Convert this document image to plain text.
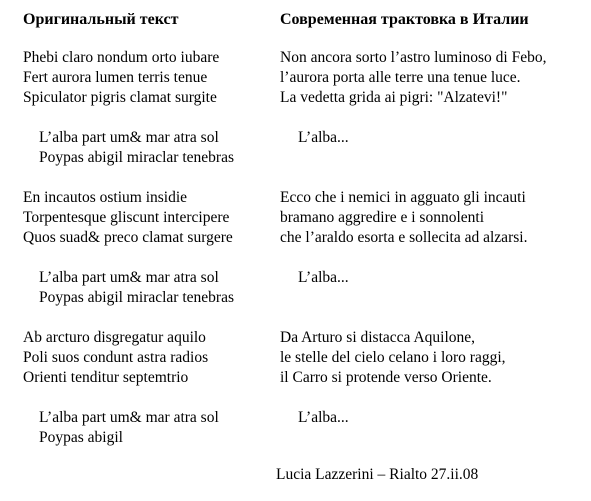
Оригинальный текст
Phebi claro nondum orto iubare
Fert aurora lumen terris tenue
Spiculator pigris clamat surgite
L’alba part um& mar atra sol
Poypas abigil miraclar tenebras
En incautos ostium insidie
Torpentesque gliscunt intercipere
Quos suad& preco clamat surgere
L’alba part um& mar atra sol
Poypas abigil miraclar tenebras
Ab arcturo disgregatur aquilo
Poli suos condunt astra radios
Orienti tenditur septemtrio
L’alba part um& mar atra sol
Poypas abigil
Современная трактовка в Италии
Non ancora sorto l’astro luminoso di Febo,
l’aurora porta alle terre una tenue luce.
La vedetta grida ai pigri: "Alzatevi!"
L’alba...
Ecco che i nemici in agguato gli incauti
bramano aggredire e i sonnolenti
che l’araldo esorta e sollecita ad alzarsi.
L’alba...
Da Arturo si distacca Aquilone,
le stelle del cielo celano i loro raggi,
il Carro si protende verso Oriente.
L’alba...
Lucia Lazzerini – Rialto 27.ii.08
